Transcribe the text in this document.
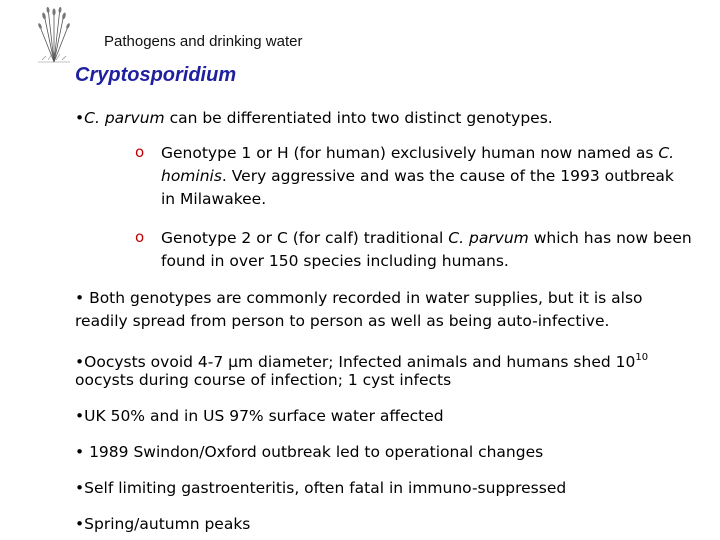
Pathogens and drinking water
Cryptosporidium
•C. parvum can be differentiated into two distinct genotypes.
o Genotype 1 or H (for human) exclusively human now named as C.
hominis. Very aggressive and was the cause of the 1993 outbreak
in Milawakee.
o Genotype 2 or C (for calf) traditional C. parvum which has now been
found in over 150 species including humans.
• Both genotypes are commonly recorded in water supplies, but it is also
readily spread from person to person as well as being auto-infective.
•Oocysts ovoid 4-7 µm diameter; Infected animals and humans shed $10^{10}$
oocysts during course of infection; 1 cyst infects
•UK 50% and in US 97% surface water affected
• 1989 Swindon/Oxford outbreak led to operational changes
•Self limiting gastroenteritis, often fatal in immuno-suppressed
•Spring/autumn peaks
